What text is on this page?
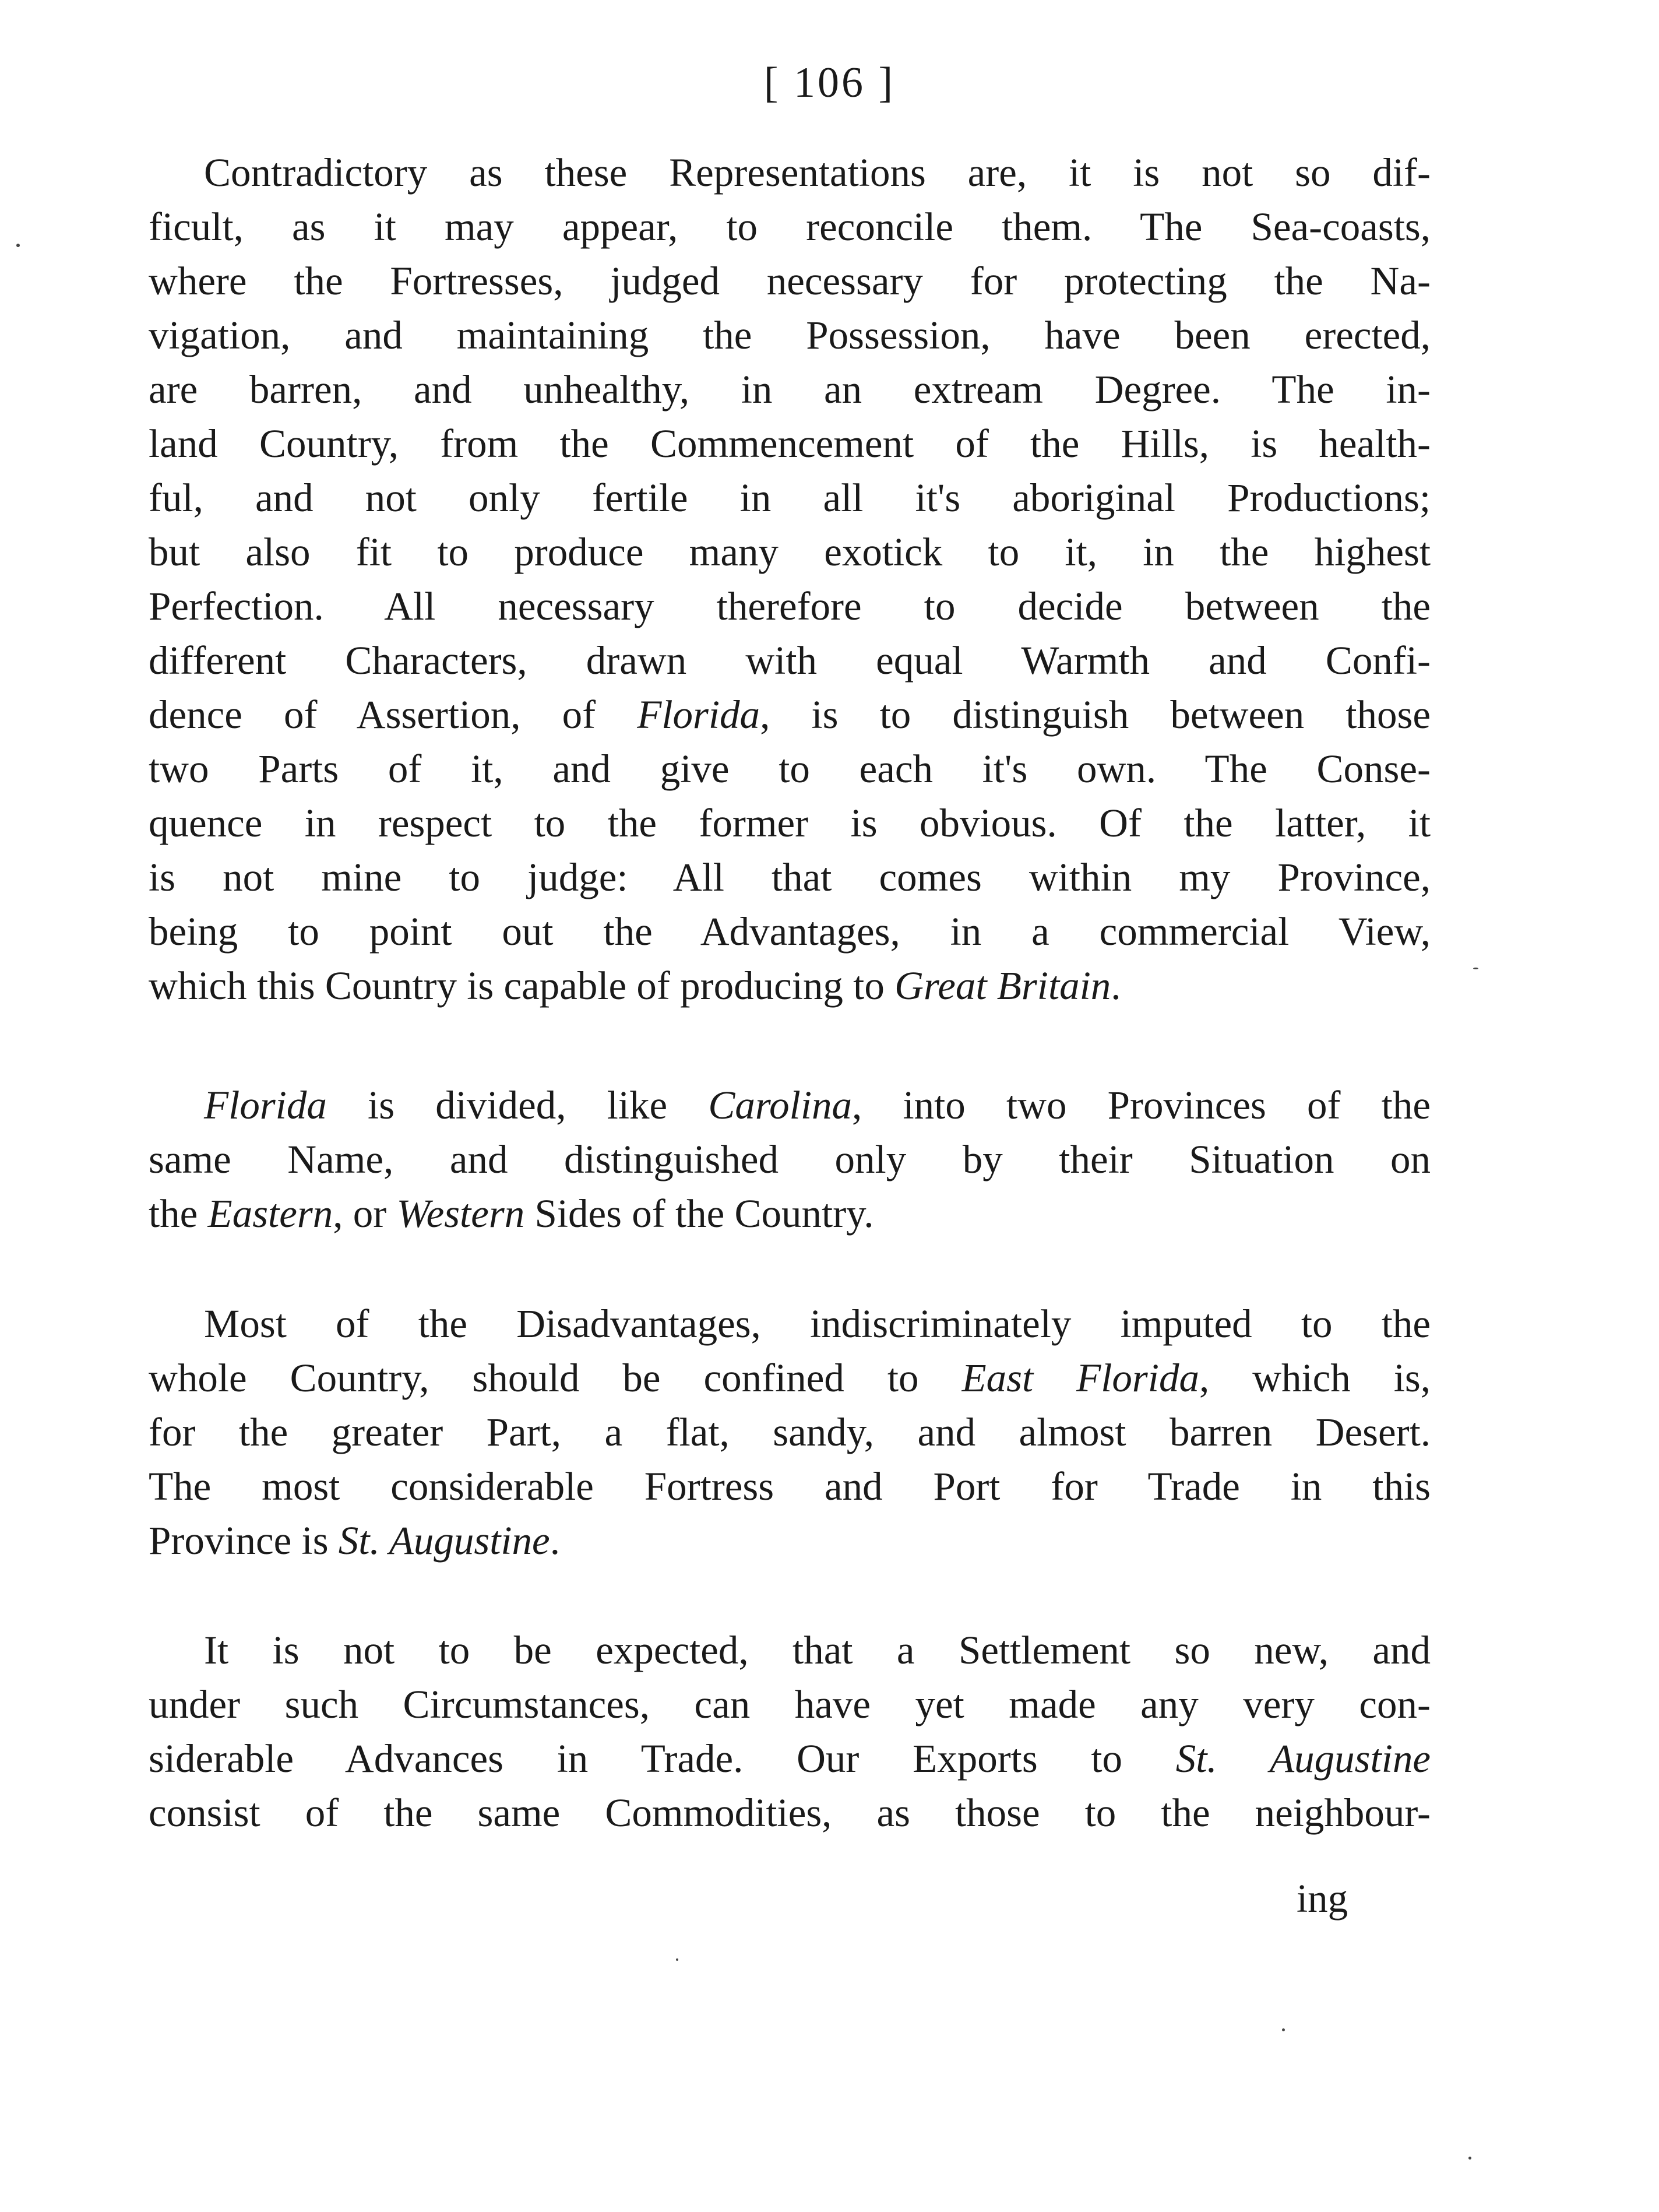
[ 106 ]
Contradictory as these Representations are, it is not so dif-
ficult, as it may appear, to reconcile them. The Sea-coasts,
where the Fortresses, judged necessary for protecting the Na-
vigation, and maintaining the Possession, have been erected,
are barren, and unhealthy, in an extream Degree. The in-
land Country, from the Commencement of the Hills, is health-
ful, and not only fertile in all it's aboriginal Productions;
but also fit to produce many exotick to it, in the highest
Perfection. All necessary therefore to decide between the
different Characters, drawn with equal Warmth and Confi-
dence of Assertion, of Florida, is to distinguish between those
two Parts of it, and give to each it's own. The Conse-
quence in respect to the former is obvious. Of the latter, it
is not mine to judge: All that comes within my Province,
being to point out the Advantages, in a commercial View,
which this Country is capable of producing to Great Britain.
Florida is divided, like Carolina, into two Provinces of the
same Name, and distinguished only by their Situation on
the Eastern, or Western Sides of the Country.
Most of the Disadvantages, indiscriminately imputed to the
whole Country, should be confined to East Florida, which is,
for the greater Part, a flat, sandy, and almost barren Desert.
The most considerable Fortress and Port for Trade in this
Province is St. Augustine.
It is not to be expected, that a Settlement so new, and
under such Circumstances, can have yet made any very con-
siderable Advances in Trade. Our Exports to St. Augustine
consist of the same Commodities, as those to the neighbour-
ing
